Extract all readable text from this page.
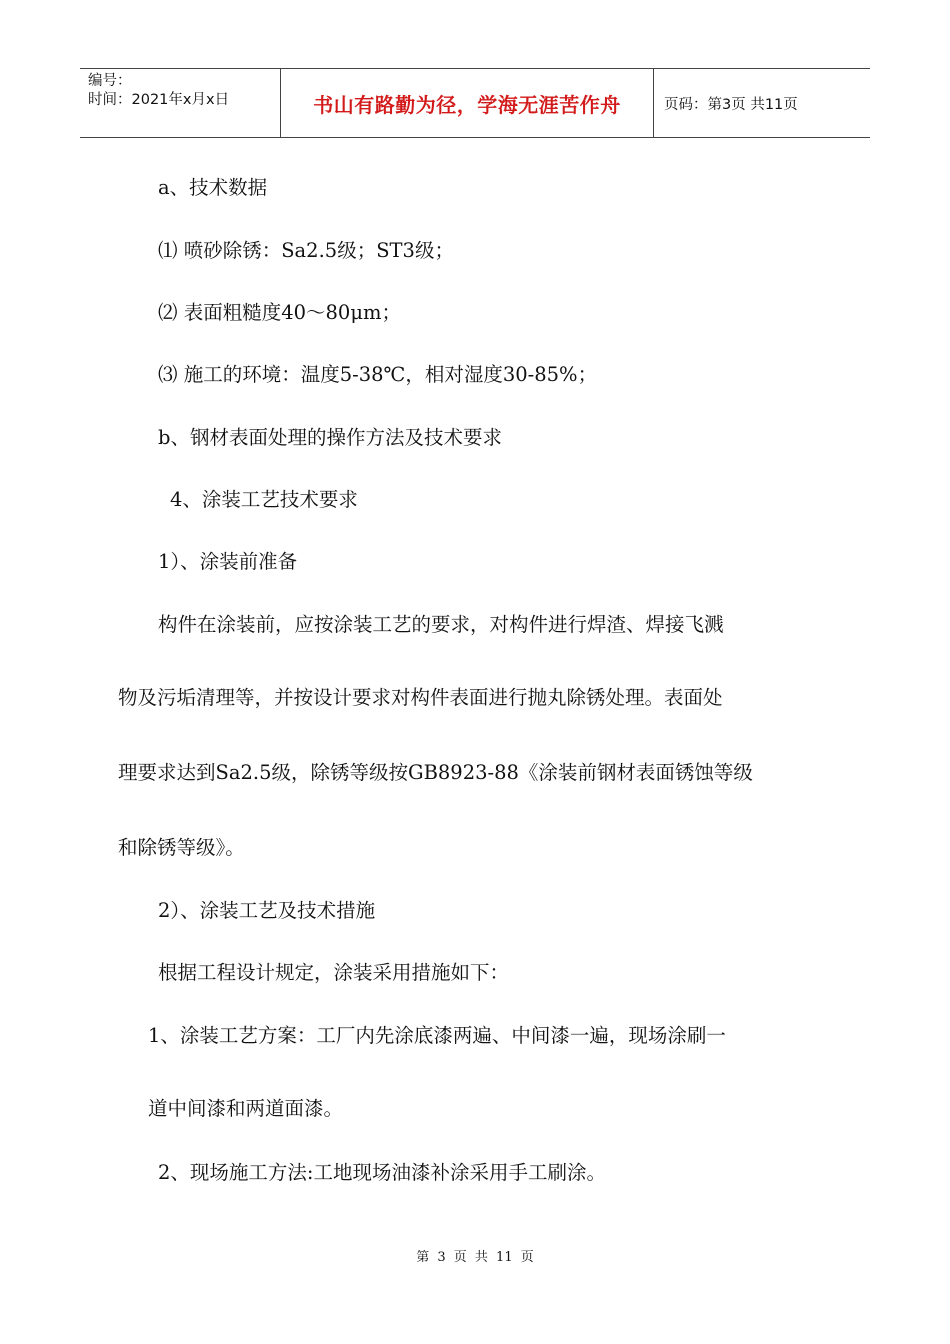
编号：
时间：2021年x月x日	书山有路勤为径，学海无涯苦作舟	页码：第3页 共11页
a、技术数据
⑴ 喷砂除锈：Sa2.5级；ST3级；
⑵ 表面粗糙度40～80μm；
⑶ 施工的环境：温度5-38℃，相对湿度30-85%；
b、钢材表面处理的操作方法及技术要求
4、涂装工艺技术要求
1）、涂装前准备
构件在涂装前，应按涂装工艺的要求，对构件进行焊渣、焊接飞溅
物及污垢清理等，并按设计要求对构件表面进行抛丸除锈处理。表面处
理要求达到Sa2.5级，除锈等级按GB8923-88《涂装前钢材表面锈蚀等级
和除锈等级》。
2）、涂装工艺及技术措施
根据工程设计规定，涂装采用措施如下：
1、涂装工艺方案：工厂内先涂底漆两遍、中间漆一遍，现场涂刷一
道中间漆和两道面漆。
2、现场施工方法:工地现场油漆补涂采用手工刷涂。
第 3 页 共 11 页
